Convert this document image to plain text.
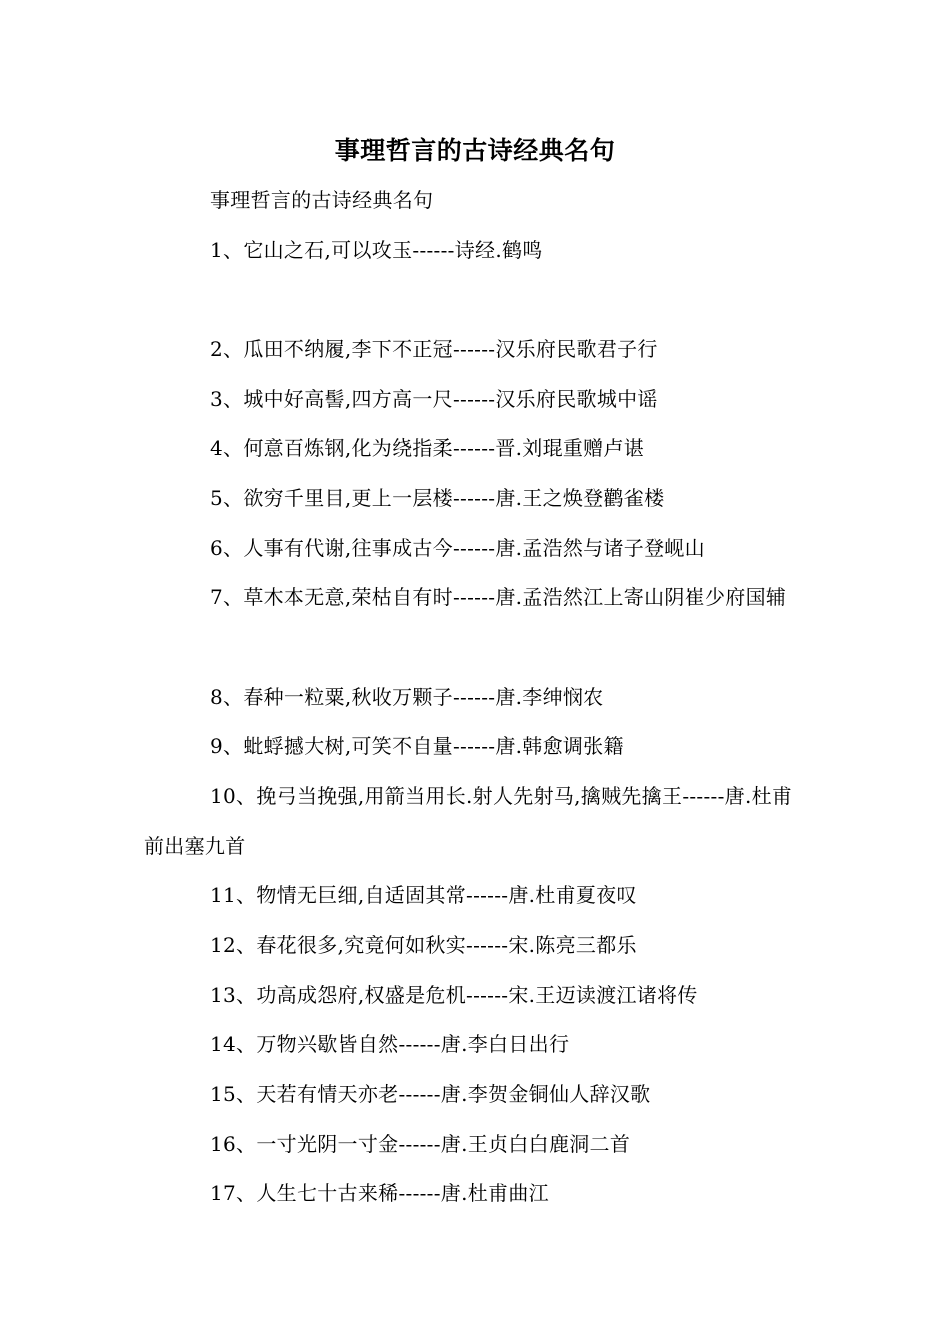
事理哲言的古诗经典名句

事理哲言的古诗经典名句

1、它山之石,可以攻玉------诗经.鹤鸣

2、瓜田不纳履,李下不正冠------汉乐府民歌君子行

3、城中好高髻,四方高一尺------汉乐府民歌城中谣

4、何意百炼钢,化为绕指柔------晋.刘琨重赠卢谌

5、欲穷千里目,更上一层楼------唐.王之焕登鹳雀楼

6、人事有代谢,往事成古今------唐.孟浩然与诸子登岘山

7、草木本无意,荣枯自有时------唐.孟浩然江上寄山阴崔少府国辅

8、春种一粒粟,秋收万颗子------唐.李绅悯农

9、蚍蜉撼大树,可笑不自量------唐.韩愈调张籍

10、挽弓当挽强,用箭当用长.射人先射马,擒贼先擒王------唐.杜甫前出塞九首

11、物情无巨细,自适固其常------唐.杜甫夏夜叹

12、春花很多,究竟何如秋实------宋.陈亮三都乐

13、功高成怨府,权盛是危机------宋.王迈读渡江诸将传

14、万物兴歇皆自然------唐.李白日出行

15、天若有情天亦老------唐.李贺金铜仙人辞汉歌

16、一寸光阴一寸金------唐.王贞白白鹿洞二首

17、人生七十古来稀------唐.杜甫曲江
